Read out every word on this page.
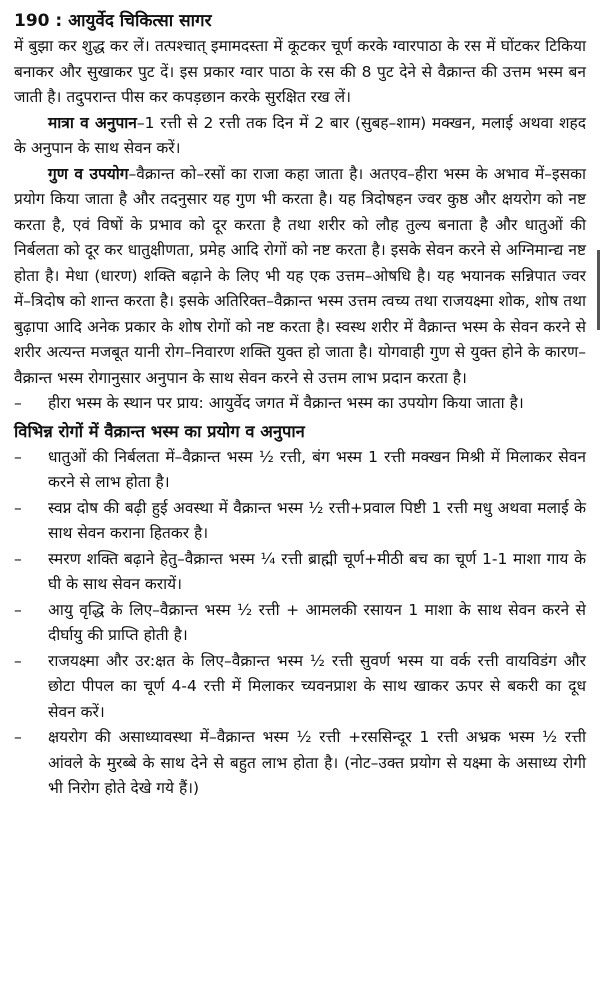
190 : आयुर्वेद चिकित्सा सागर

में बुझा कर शुद्ध कर लें। तत्पश्चात् इमामदस्ता में कूटकर चूर्ण करके ग्वारपाठा के रस में घोंटकर टिकिया बनाकर और सुखाकर पुट दें। इस प्रकार ग्वार पाठा के रस की 8 पुट देने से वैक्रान्त की उत्तम भस्म बन जाती है। तदुपरान्त पीस कर कपड़छान करके सुरक्षित रख लें।

मात्रा व अनुपान–1 रत्ती से 2 रत्ती तक दिन में 2 बार (सुबह–शाम) मक्खन, मलाई अथवा शहद के अनुपान के साथ सेवन करें।

गुण व उपयोग–वैक्रान्त को–रसों का राजा कहा जाता है। अतएव–हीरा भस्म के अभाव में–इसका प्रयोग किया जाता है और तदनुसार यह गुण भी करता है। यह त्रिदोषहन ज्वर कुष्ठ और क्षयरोग को नष्ट करता है, एवं विषों के प्रभाव को दूर करता है तथा शरीर को लौह तुल्य बनाता है और धातुओं की निर्बलता को दूर कर धातुक्षीणता, प्रमेह आदि रोगों को नष्ट करता है। इसके सेवन करने से अग्निमान्द्य नष्ट होता है। मेधा (धारण) शक्ति बढ़ाने के लिए भी यह एक उत्तम–ओषधि है। यह भयानक सन्निपात ज्वर में–त्रिदोष को शान्त करता है। इसके अतिरिक्त–वैक्रान्त भस्म उत्तम त्वच्य तथा राजयक्ष्मा शोक, शोष तथा बुढ़ापा आदि अनेक प्रकार के शोष रोगों को नष्ट करता है। स्वस्थ शरीर में वैक्रान्त भस्म के सेवन करने से शरीर अत्यन्त मजबूत यानी रोग–निवारण शक्ति युक्त हो जाता है। योगवाही गुण से युक्त होने के कारण–वैक्रान्त भस्म रोगानुसार अनुपान के साथ सेवन करने से उत्तम लाभ प्रदान करता है।

–	हीरा भस्म के स्थान पर प्राय: आयुर्वेद जगत में वैक्रान्त भस्म का उपयोग किया जाता है।
विभिन्न रोगों में वैक्रान्त भस्म का प्रयोग व अनुपान
–	धातुओं की निर्बलता में–वैक्रान्त भस्म ½ रत्ती, बंग भस्म 1 रत्ती मक्खन मिश्री में मिलाकर सेवन करने से लाभ होता है।
–	स्वप्न दोष की बढ़ी हुई अवस्था में वैक्रान्त भस्म ½ रत्ती+प्रवाल पिष्टी 1 रत्ती मधु अथवा मलाई के साथ सेवन कराना हितकर है।
–	स्मरण शक्ति बढ़ाने हेतु–वैक्रान्त भस्म ¼ रत्ती ब्राह्मी चूर्ण+मीठी बच का चूर्ण 1-1 माशा गाय के घी के साथ सेवन करायें।
–	आयु वृद्धि के लिए–वैक्रान्त भस्म ½ रत्ती + आमलकी रसायन 1 माशा के साथ सेवन करने से दीर्घायु की प्राप्ति होती है।
–	राजयक्ष्मा और उर:क्षत के लिए–वैक्रान्त भस्म ½ रत्ती सुवर्ण भस्म या वर्क रत्ती वायविडंग और छोटा पीपल का चूर्ण 4-4 रत्ती में मिलाकर च्यवनप्राश के साथ खाकर ऊपर से बकरी का दूध सेवन करें।
–	क्षयरोग की असाध्यावस्था में–वैक्रान्त भस्म ½ रत्ती +रससिन्दूर 1 रत्ती अभ्रक भस्म ½ रत्ती आंवले के मुरब्बे के साथ देने से बहुत लाभ होता है। (नोट–उक्त प्रयोग से यक्ष्मा के असाध्य रोगी भी निरोग होते देखे गये हैं।)
